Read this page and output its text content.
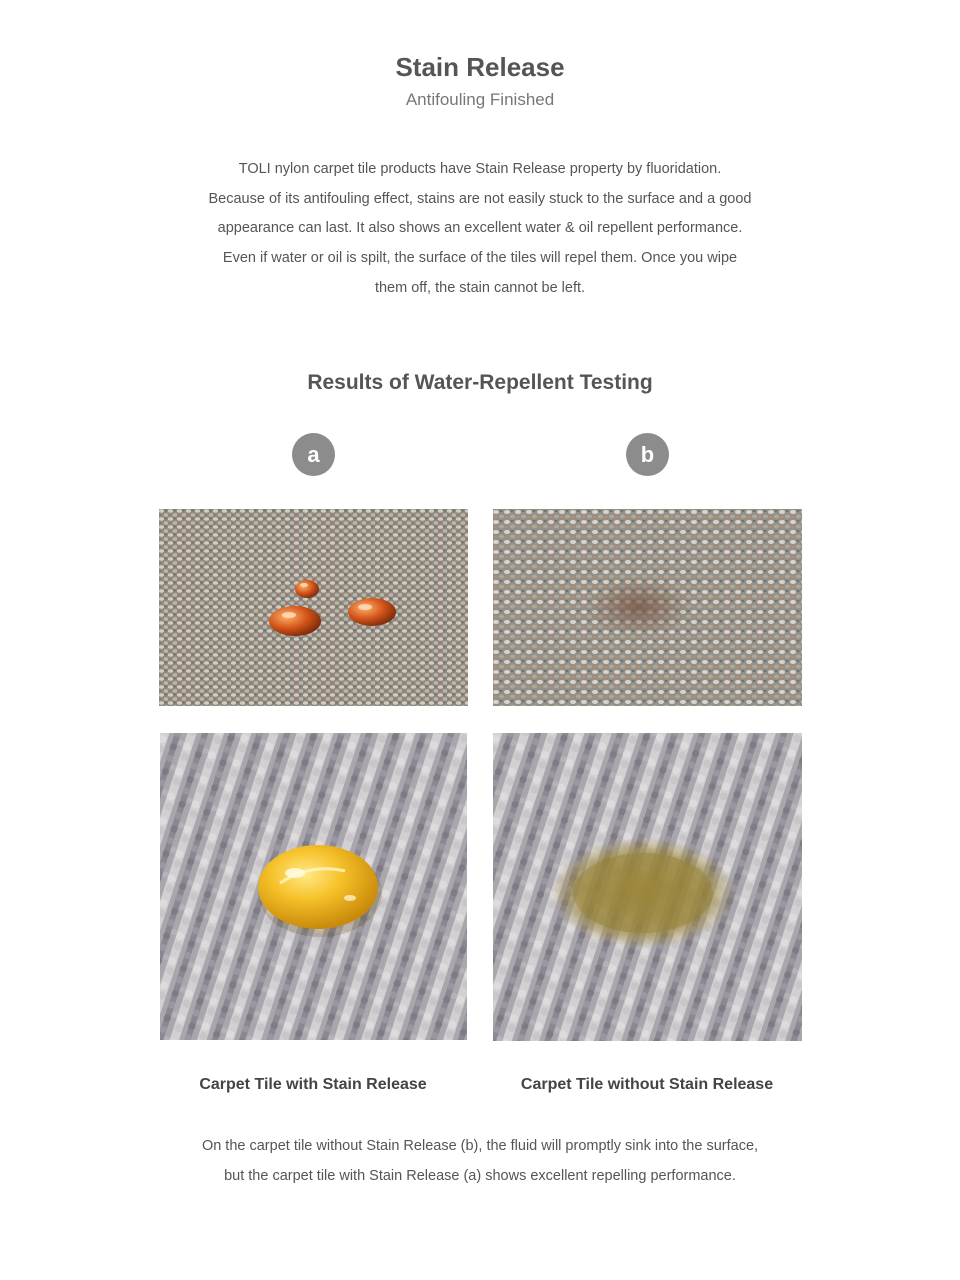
Stain Release

Antifouling Finished

TOLI nylon carpet tile products have Stain Release property by fluoridation.
Because of its antifouling effect, stains are not easily stuck to the surface and a good
appearance can last. It also shows an excellent water & oil repellent performance.
Even if water or oil is spilt, the surface of the tiles will repel them. Once you wipe
them off, the stain cannot be left.

Results of Water-Repellent Testing
a	b

Carpet Tile with Stain Release	Carpet Tile without Stain Release

On the carpet tile without Stain Release (b), the fluid will promptly sink into the surface,
but the carpet tile with Stain Release (a) shows excellent repelling performance.
